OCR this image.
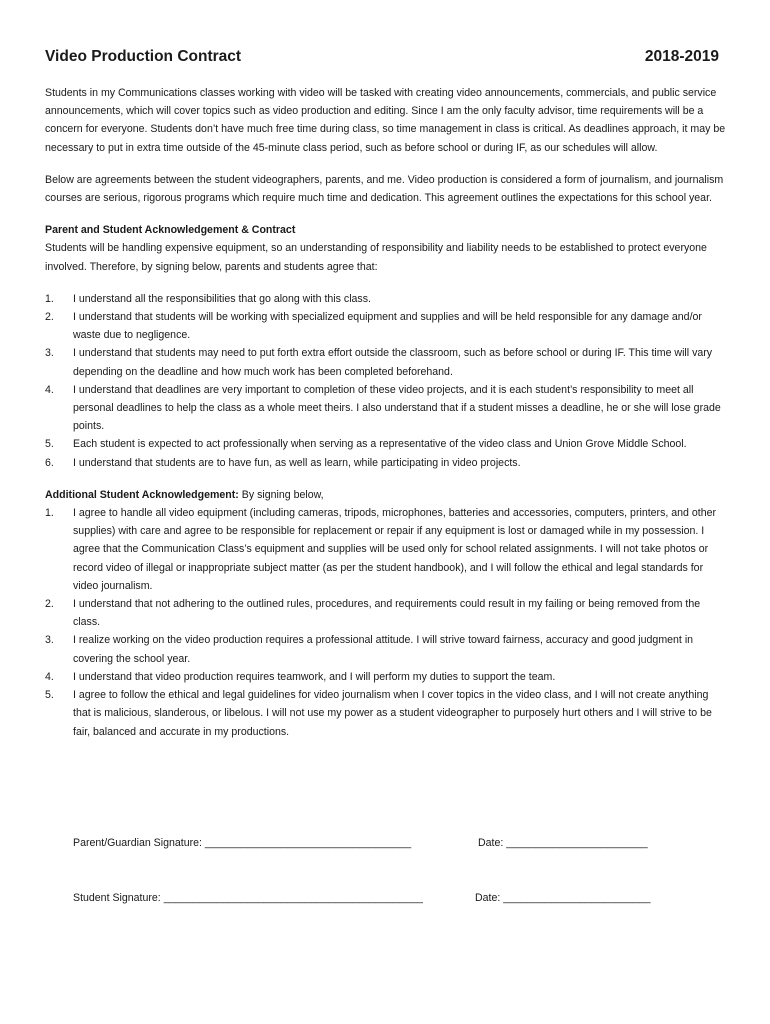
Video Production Contract	2018-2019

Students in my Communications classes working with video will be tasked with creating video announcements, commercials, and public service announcements, which will cover topics such as video production and editing. Since I am the only faculty advisor, time requirements will be a concern for everyone. Students don’t have much free time during class, so time management in class is critical. As deadlines approach, it may be necessary to put in extra time outside of the 45-minute class period, such as before school or during IF, as our schedules will allow.

Below are agreements between the student videographers, parents, and me. Video production is considered a form of journalism, and journalism courses are serious, rigorous programs which require much time and dedication. This agreement outlines the expectations for this school year.

Parent and Student Acknowledgement & Contract

Students will be handling expensive equipment, so an understanding of responsibility and liability needs to be established to protect everyone involved. Therefore, by signing below, parents and students agree that:

1.	I understand all the responsibilities that go along with this class.
2.	I understand that students will be working with specialized equipment and supplies and will be held responsible for any damage and/or waste due to negligence.
3.	I understand that students may need to put forth extra effort outside the classroom, such as before school or during IF. This time will vary depending on the deadline and how much work has been completed beforehand.
4.	I understand that deadlines are very important to completion of these video projects, and it is each student’s responsibility to meet all personal deadlines to help the class as a whole meet theirs. I also understand that if a student misses a deadline, he or she will lose grade points.
5.	Each student is expected to act professionally when serving as a representative of the video class and Union Grove Middle School.
6.	I understand that students are to have fun, as well as learn, while participating in video projects.
Additional Student Acknowledgement: By signing below,
1.	I agree to handle all video equipment (including cameras, tripods, microphones, batteries and accessories, computers, printers, and other supplies) with care and agree to be responsible for replacement or repair if any equipment is lost or damaged while in my possession. I agree that the Communication Class’s equipment and supplies will be used only for school related assignments. I will not take photos or record video of illegal or inappropriate subject matter (as per the student handbook), and I will follow the ethical and legal standards for video journalism.
2.	I understand that not adhering to the outlined rules, procedures, and requirements could result in my failing or being removed from the class.
3.	I realize working on the video production requires a professional attitude. I will strive toward fairness, accuracy and good judgment in covering the school year.
4.	I understand that video production requires teamwork, and I will perform my duties to support the team.
5.	I agree to follow the ethical and legal guidelines for video journalism when I cover topics in the video class, and I will not create anything that is malicious, slanderous, or libelous. I will not use my power as a student videographer to purposely hurt others and I will strive to be fair, balanced and accurate in my productions.
Parent/Guardian Signature: ___________________________________	Date: ________________________
Student Signature: ____________________________________________	Date: _________________________
